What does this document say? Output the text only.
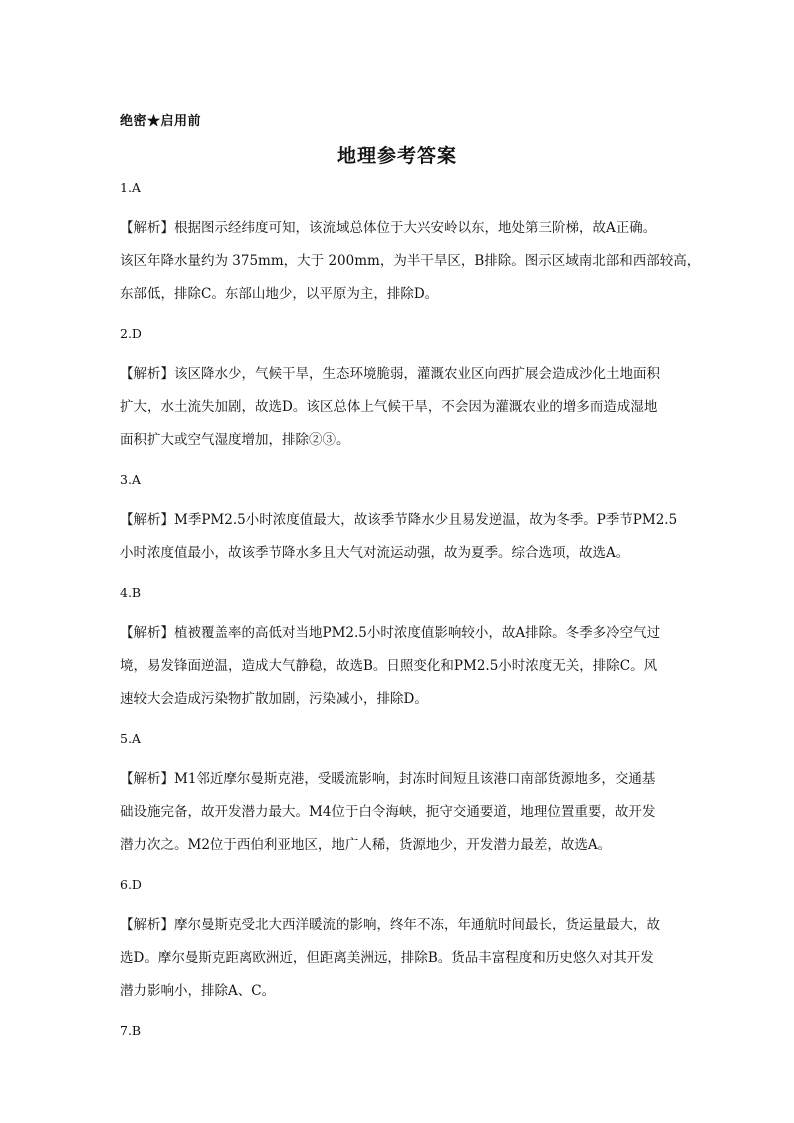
绝密★启用前
地理参考答案
1.A
【解析】根据图示经纬度可知，该流域总体位于大兴安岭以东，地处第三阶梯，故A正确。
该区年降水量约为 375mm，大于 200mm，为半干旱区，B排除。图示区域南北部和西部较高，
东部低，排除C。东部山地少，以平原为主，排除D。
2.D
【解析】该区降水少，气候干旱，生态环境脆弱，灌溉农业区向西扩展会造成沙化土地面积
扩大，水土流失加剧，故选D。该区总体上气候干旱，不会因为灌溉农业的增多而造成湿地
面积扩大或空气湿度增加，排除②③。
3.A
【解析】M季PM2.5小时浓度值最大，故该季节降水少且易发逆温，故为冬季。P季节PM2.5
小时浓度值最小，故该季节降水多且大气对流运动强，故为夏季。综合选项，故选A。
4.B
【解析】植被覆盖率的高低对当地PM2.5小时浓度值影响较小，故A排除。冬季多冷空气过
境，易发锋面逆温，造成大气静稳，故选B。日照变化和PM2.5小时浓度无关，排除C。风
速较大会造成污染物扩散加剧，污染减小，排除D。
5.A
【解析】M1邻近摩尔曼斯克港，受暖流影响，封冻时间短且该港口南部货源地多，交通基
础设施完备，故开发潜力最大。M4位于白令海峡，扼守交通要道，地理位置重要，故开发
潜力次之。M2位于西伯利亚地区，地广人稀，货源地少，开发潜力最差，故选A。
6.D
【解析】摩尔曼斯克受北大西洋暖流的影响，终年不冻，年通航时间最长，货运量最大，故
选D。摩尔曼斯克距离欧洲近，但距离美洲远，排除B。货品丰富程度和历史悠久对其开发
潜力影响小，排除A、C。
7.B
